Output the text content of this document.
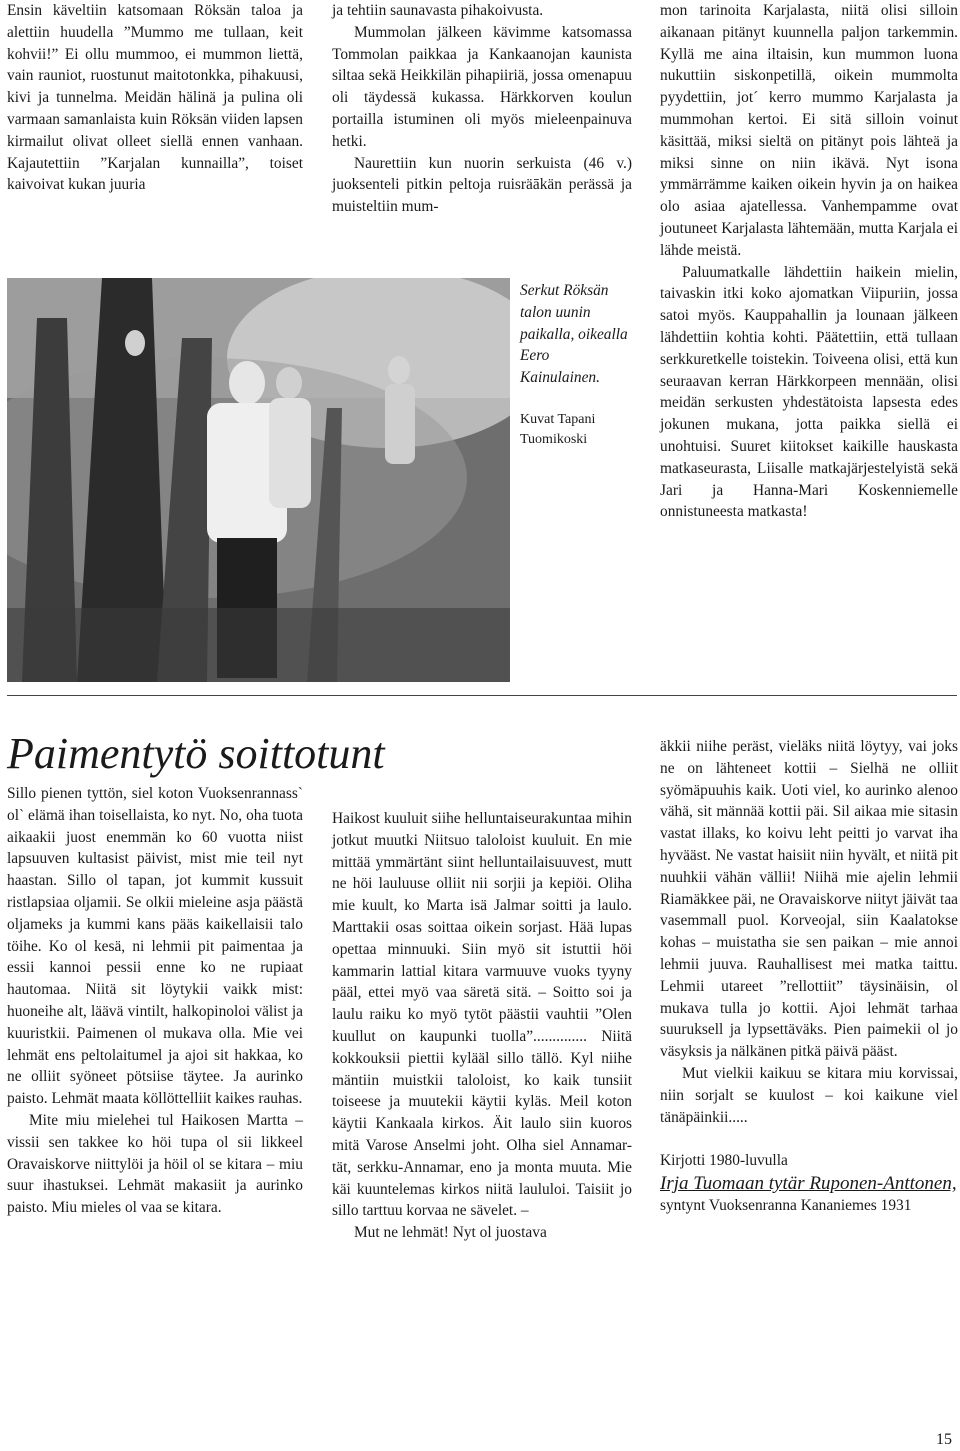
Ensin käveltiin katsomaan Röksän taloa ja alettiin huudella ”Mummo me tullaan, keit kohvii!” Ei ollu mummoo, ei mummon liettä, vain rauniot, ruostunut maitotonkka, pihakuusi, kivi ja tunnelma. Meidän hälinä ja pulina oli varmaan samanlaista kuin Röksän viiden lapsen kirmailut olivat olleet siellä ennen vanhaan. Kajautettiin ”Karjalan kunnailla”, toiset kaivoivat kukan juuria

ja tehtiin saunavasta pihakoivusta.

Mummolan jälkeen kävimme katsomassa Tommolan paikkaa ja Kankaanojan kaunista siltaa sekä Heikkilän pihapiiriä, jossa omenapuu oli täydessä kukassa. Härkkorven koulun portailla istuminen oli myös mieleenpainuva hetki.

Naurettiin kun nuorin serkuista (46 v.) juoksenteli pitkin peltoja ruisräākän perässä ja muisteltiin mum-

mon tarinoita Karjalasta, niitä olisi silloin aikanaan pitänyt kuunnella paljon tarkemmin. Kyllä me aina iltaisin, kun mummon luona nukuttiin siskonpetillä, oikein mummolta pyydettiin, jot´ kerro mummo Karjalasta ja mummohan kertoi. Ei sitä silloin voinut käsittää, miksi sieltä on pitänyt pois lähteä ja miksi sinne on niin ikävä. Nyt isona ymmärrämme kaiken oikein hyvin ja on haikea olo asiaa ajatellessa. Vanhempamme ovat joutuneet Karjalasta lähtemään, mutta Karjala ei lähde meistä.

Paluumatkalle lähdettiin haikein mielin, taivaskin itki koko ajomatkan Viipuriin, jossa satoi myös. Kauppahallin ja lounaan jälkeen lähdettiin kohtia kohti. Päätettiin, että tullaan serkkuretkelle toistekin. Toiveena olisi, että kun seuraavan kerran Härkkorpeen mennään, olisi meidän serkusten yhdestätoista lapsesta edes jokunen mukana, jotta paikka siellä ei unohtuisi. Suuret kiitokset kaikille hauskasta matkaseurasta, Liisalle matkajärjestelyistä sekä Jari ja Hanna-Mari Koskenniemelle onnistuneesta matkasta!

Serkut Röksän talon uunin paikalla, oikealla Eero Kainulainen.
Kuvat Tapani Tuomikoski
Paimentytö soittotunt

Sillo pienen tyttön, siel koton Vuoksenrannass` ol` elämä ihan toisellaista, ko nyt. No, oha tuota aikaakii juost enemmän ko 60 vuotta niist lapsuuven kultasist päivist, mist mie teil nyt haastan. Sillo ol tapan, jot kummit kussuit ristlapsiaa oljamii. Se olkii mieleine asja päästä oljameks ja kummi kans pääs kaikellaisii talo töihe. Ko ol kesä, ni lehmii pit paimentaa ja essii kannoi pessii enne ko ne rupiaat hautomaa. Niitä sit löytykii vaikk mist: huoneihe alt, läävä vintilt, halkopinoloi välist ja kuuristkii. Paimenen ol mukava olla. Mie vei lehmät ens peltolaitumel ja ajoi sit hakkaa, ko ne olliit syöneet pötsiise täytee. Ja aurinko paisto. Lehmät maata köllöttelliit kaikes rauhas.

Mite miu mielehei tul Haikosen Martta – vissii sen takkee ko höi tupa ol sii likkeel Oravaiskorve niittylöi ja höil ol se kitara – miu suur ihastuksei. Lehmät makasiit ja aurinko paisto. Miu mieles ol vaa se kitara.

Haikost kuuluit siihe helluntaiseurakuntaa mihin jotkut muutki Niitsuo taloloist kuuluit. En mie mittää ymmärtänt siint helluntailaisuuvest, mutt ne höi lauluuse olliit nii sorjii ja kepiöi. Oliha mie kuult, ko Marta isä Jalmar soitti ja laulo. Marttakii osas soittaa oikein sorjast. Hää lupas opettaa minnuuki. Siin myö sit istuttii höi kammarin lattial kitara varmuuve vuoks tyyny pääl, ettei myö vaa säretä sitä. – Soitto soi ja laulu raiku ko myö tytöt päästii vauhtii ”Olen kuullut on kaupunki tuolla”.............. Niitä kokkouksii piettii kylääl sillo tällö. Kyl niihe mäntiin muistkii taloloist, ko kaik tunsiit toiseese ja muutekii käytii kyläs. Meil koton käytii Kankaala kirkos. Äit laulo siin kuoros mitä Varose Anselmi joht. Olha siel Annamar-tät, serkku-Annamar, eno ja monta muuta. Mie käi kuuntelemas kirkos niitä laululoi. Taisiit jo sillo tarttuu korvaa ne sävelet. –

Mut ne lehmät! Nyt ol juostava

äkkii niihe peräst, vieläks niitä löytyy, vai joks ne on lähteneet kottii – Sielhä ne olliit syömäpuuhis kaik. Uoti viel, ko aurinko alenoo vähä, sit männää kottii päi. Sil aikaa mie sitasin vastat illaks, ko koivu leht peitti jo varvat iha hyvääst. Ne vastat haisiit niin hyvält, et niitä pit nuuhkii vähän vällii! Niihä mie ajelin lehmii Riamäkkee päi, ne Oravaiskorve niityt jäivät taa vasemmall puol. Korveojal, siin Kaalatokse kohas – muistatha sie sen paikan – mie annoi lehmii juuva. Rauhallisest mei matka taittu. Lehmii utareet ”rellottiit” täysinäisin, ol mukava tulla jo kottii. Ajoi lehmät tarhaa suuruksell ja lypsettäväks. Pien paimekii ol jo väsyksis ja nälkänen pitkä päivä pääst.

Mut vielkii kaikuu se kitara miu korvissai, niin sorjalt se kuulost – koi kaikune viel tänäpäinkii.....

Kirjotti 1980-luvulla

Irja Tuomaan tytär Ruponen-Anttonen,

syntynt Vuoksenranna Kananiemes 1931

15
